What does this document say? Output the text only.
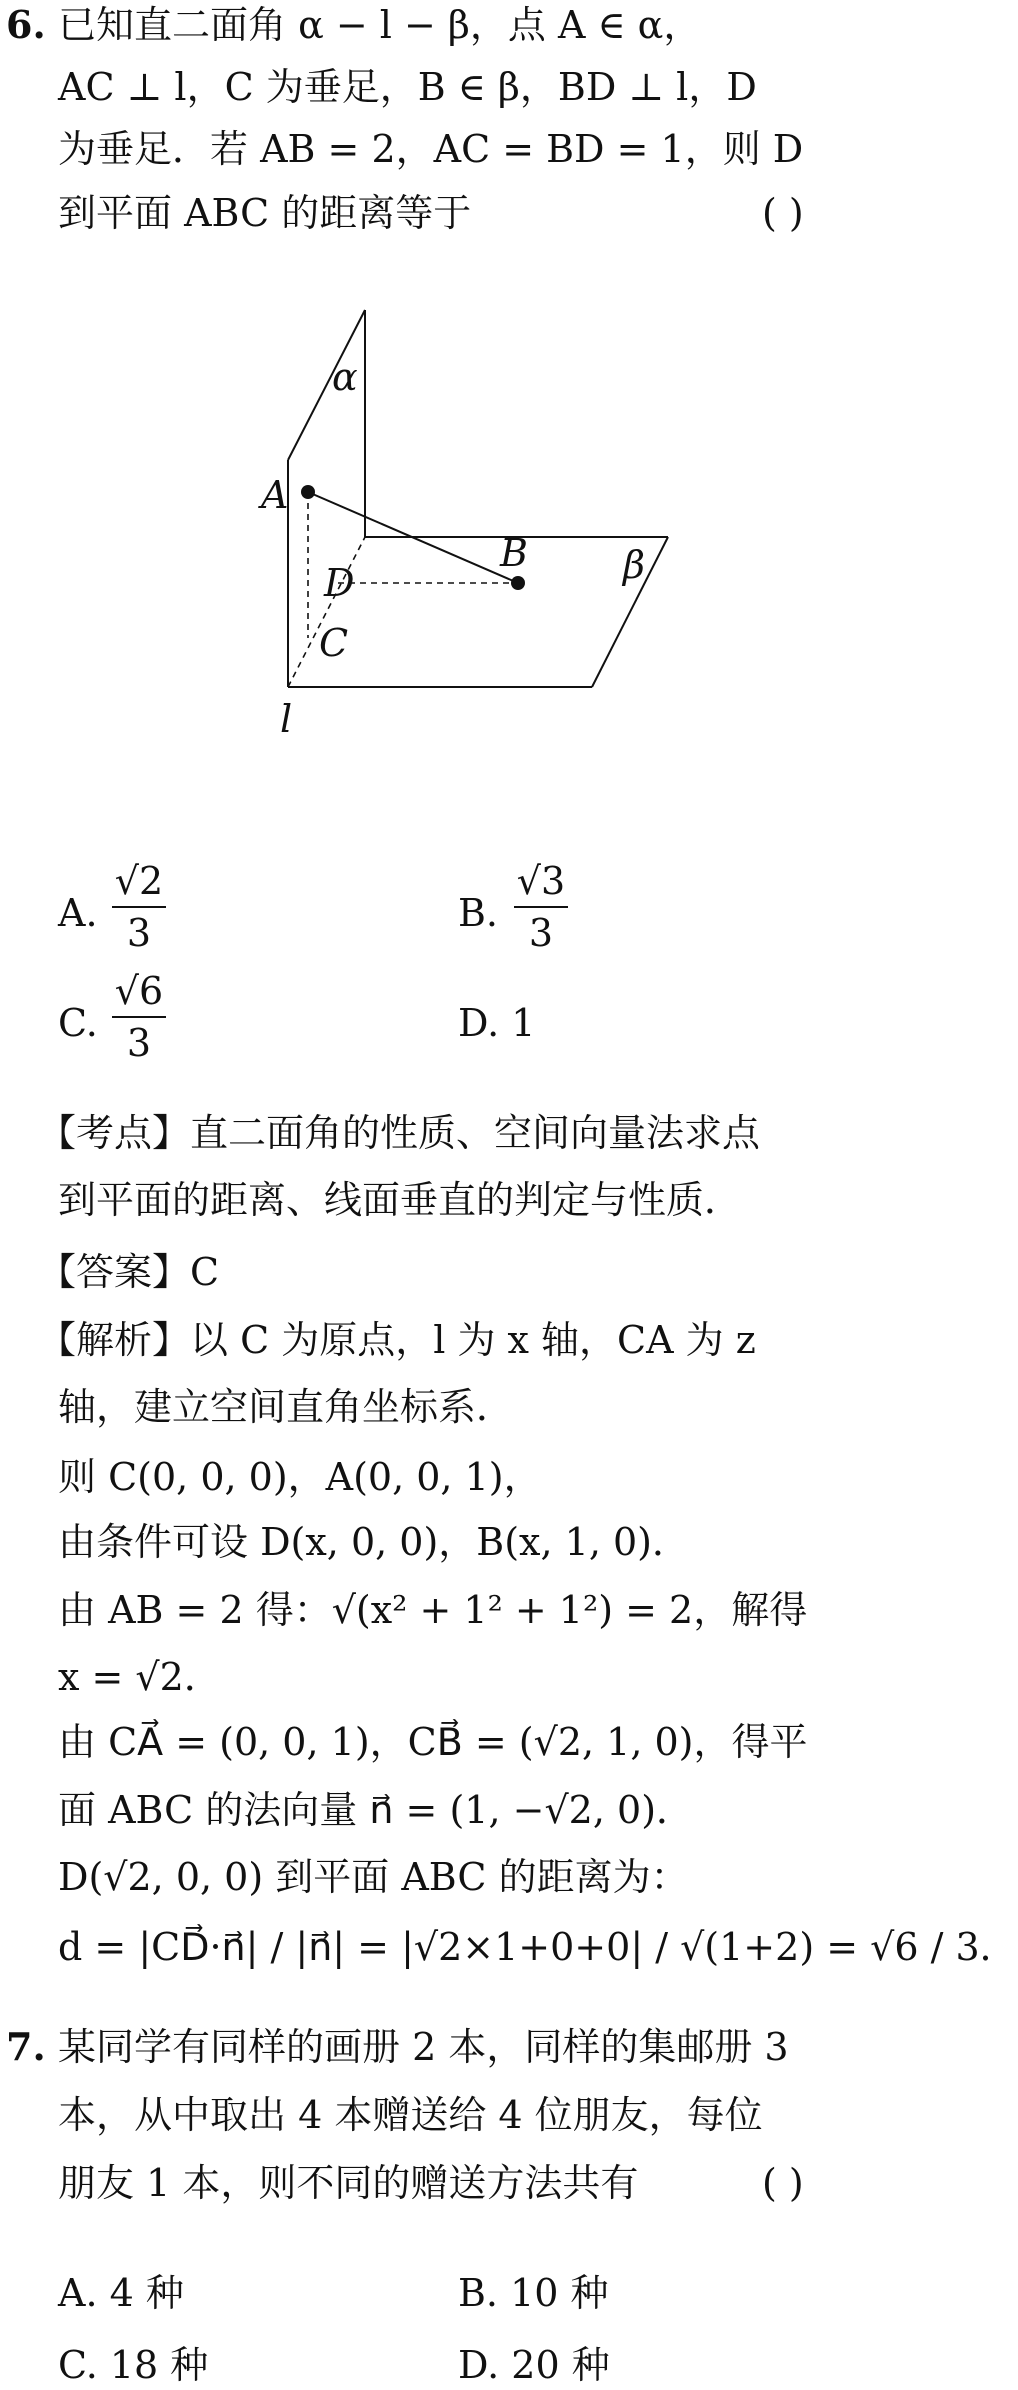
6. 已知直二面角 α − l − β，点 A ∈ α，
AC ⊥ l，C 为垂足，B ∈ β，BD ⊥ l，D
为垂足．若 AB = 2，AC = BD = 1，则 D
到平面 ABC 的距离等于	( )
α
A
B	β
D
C
l
A.
√2
3	B.
√3
3
C.
√6
3	D. 1
【考点】直二面角的性质、空间向量法求点
到平面的距离、线面垂直的判定与性质．
【答案】C
【解析】以 C 为原点，l 为 x 轴，CA 为 z
轴，建立空间直角坐标系．
则 C(0, 0, 0)，A(0, 0, 1)，
由条件可设 D(x, 0, 0)，B(x, 1, 0)．
由 AB = 2 得：√(x² + 1² + 1²) = 2，解得
x = √2．
由 CA⃗ = (0, 0, 1)，CB⃗ = (√2, 1, 0)，得平
面 ABC 的法向量 n⃗ = (1, −√2, 0)．
D(√2, 0, 0) 到平面 ABC 的距离为：
d = |CD⃗·n⃗| / |n⃗| = |√2×1+0+0| / √(1+2) = √6 / 3．
7. 某同学有同样的画册 2 本，同样的集邮册 3
本，从中取出 4 本赠送给 4 位朋友，每位
朋友 1 本，则不同的赠送方法共有	( )
A. 4 种	B. 10 种
C. 18 种	D. 20 种
